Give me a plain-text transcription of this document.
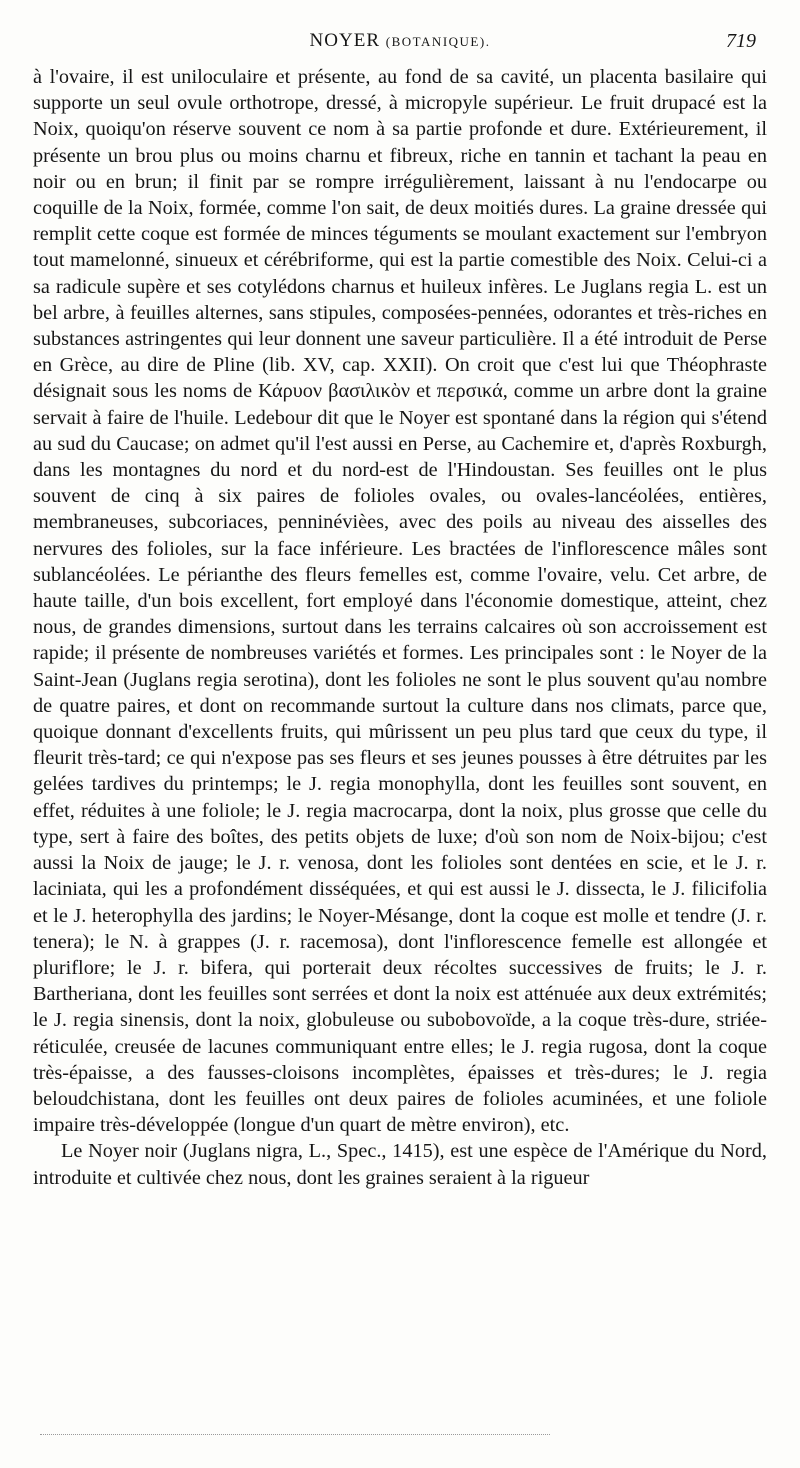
NOYER (BOTANIQUE).	719

à l'ovaire, il est uniloculaire et présente, au fond de sa cavité, un placenta basilaire qui supporte un seul ovule orthotrope, dressé, à micropyle supérieur. Le fruit drupacé est la Noix, quoiqu'on réserve souvent ce nom à sa partie profonde et dure. Extérieurement, il présente un brou plus ou moins charnu et fibreux, riche en tannin et tachant la peau en noir ou en brun; il finit par se rompre irrégulièrement, laissant à nu l'endocarpe ou coquille de la Noix, formée, comme l'on sait, de deux moitiés dures. La graine dressée qui remplit cette coque est formée de minces téguments se moulant exactement sur l'embryon tout mamelonné, sinueux et cérébriforme, qui est la partie comestible des Noix. Celui-ci a sa radicule supère et ses cotylédons charnus et huileux infères. Le Juglans regia L. est un bel arbre, à feuilles alternes, sans stipules, composées-pennées, odorantes et très-riches en substances astringentes qui leur donnent une saveur particulière. Il a été introduit de Perse en Grèce, au dire de Pline (lib. XV, cap. XXII). On croit que c'est lui que Théophraste désignait sous les noms de Κάρυον βασιλικὸν et περσικά, comme un arbre dont la graine servait à faire de l'huile. Ledebour dit que le Noyer est spontané dans la région qui s'étend au sud du Caucase; on admet qu'il l'est aussi en Perse, au Cachemire et, d'après Roxburgh, dans les montagnes du nord et du nord-est de l'Hindoustan. Ses feuilles ont le plus souvent de cinq à six paires de folioles ovales, ou ovales-lancéolées, entières, membraneuses, subcoriaces, penninévièes, avec des poils au niveau des aisselles des nervures des folioles, sur la face inférieure. Les bractées de l'inflorescence mâles sont sublancéolées. Le périanthe des fleurs femelles est, comme l'ovaire, velu. Cet arbre, de haute taille, d'un bois excellent, fort employé dans l'économie domestique, atteint, chez nous, de grandes dimensions, surtout dans les terrains calcaires où son accroissement est rapide; il présente de nombreuses variétés et formes. Les principales sont : le Noyer de la Saint-Jean (Juglans regia serotina), dont les folioles ne sont le plus souvent qu'au nombre de quatre paires, et dont on recommande surtout la culture dans nos climats, parce que, quoique donnant d'excellents fruits, qui mûrissent un peu plus tard que ceux du type, il fleurit très-tard; ce qui n'expose pas ses fleurs et ses jeunes pousses à être détruites par les gelées tardives du printemps; le J. regia monophylla, dont les feuilles sont souvent, en effet, réduites à une foliole; le J. regia macrocarpa, dont la noix, plus grosse que celle du type, sert à faire des boîtes, des petits objets de luxe; d'où son nom de Noix-bijou; c'est aussi la Noix de jauge; le J. r. venosa, dont les folioles sont dentées en scie, et le J. r. laciniata, qui les a profondément disséquées, et qui est aussi le J. dissecta, le J. filicifolia et le J. heterophylla des jardins; le Noyer-Mésange, dont la coque est molle et tendre (J. r. tenera); le N. à grappes (J. r. racemosa), dont l'inflorescence femelle est allongée et pluriflore; le J. r. bifera, qui porterait deux récoltes successives de fruits; le J. r. Bartheriana, dont les feuilles sont serrées et dont la noix est atténuée aux deux extrémités; le J. regia sinensis, dont la noix, globuleuse ou subobovoïde, a la coque très-dure, striée-réticulée, creusée de lacunes communiquant entre elles; le J. regia rugosa, dont la coque très-épaisse, a des fausses-cloisons incomplètes, épaisses et très-dures; le J. regia beloudchistana, dont les feuilles ont deux paires de folioles acuminées, et une foliole impaire très-développée (longue d'un quart de mètre environ), etc.

Le Noyer noir (Juglans nigra, L., Spec., 1415), est une espèce de l'Amérique du Nord, introduite et cultivée chez nous, dont les graines seraient à la rigueur
